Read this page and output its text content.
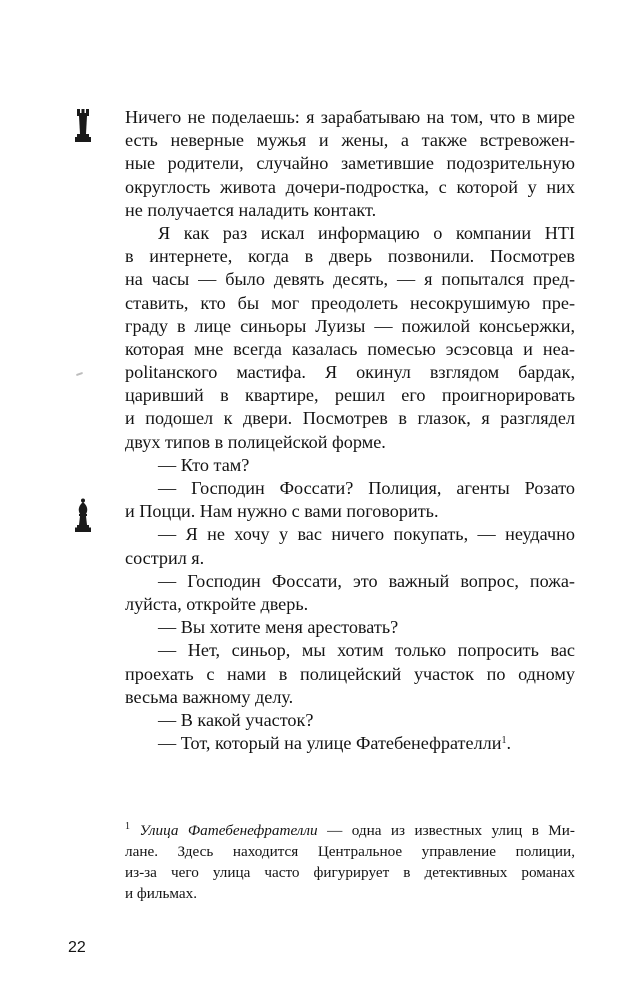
Ничего не поделаешь: я зарабатываю на том, что в мире
есть неверные мужья и жены, а также встревожен-
ные родители, случайно заметившие подозрительную
округлость живота дочери-подростка, с которой у них
не получается наладить контакт.
Я как раз искал информацию о компании НТI
в интернете, когда в дверь позвонили. Посмотрев
на часы — было девять десять, — я попытался пред-
ставить, кто бы мог преодолеть несокрушимую пре-
граду в лице синьоры Луизы — пожилой консьержки,
которая мне всегда казалась помесью эсэсовца и неа-
politанского мастифа. Я окинул взглядом бардак,
царивший в квартире, решил его проигнорировать
и подошел к двери. Посмотрев в глазок, я разглядел
двух типов в полицейской форме.
— Кто там?
— Господин Фоссати? Полиция, агенты Розато
и Поцци. Нам нужно с вами поговорить.
— Я не хочу у вас ничего покупать, — неудачно
сострил я.
— Господин Фоссати, это важный вопрос, пожа-
луйста, откройте дверь.
— Вы хотите меня арестовать?
— Нет, синьор, мы хотим только попросить вас
проехать с нами в полицейский участок по одному
весьма важному делу.
— В какой участок?
— Тот, который на улице Фатебенефрателли$^1$.
$^1$ Улица Фатебенефрателли — одна из известных улиц в Ми-
лане. Здесь находится Центральное управление полиции,
из-за чего улица часто фигурирует в детективных романах
и фильмах.
22
